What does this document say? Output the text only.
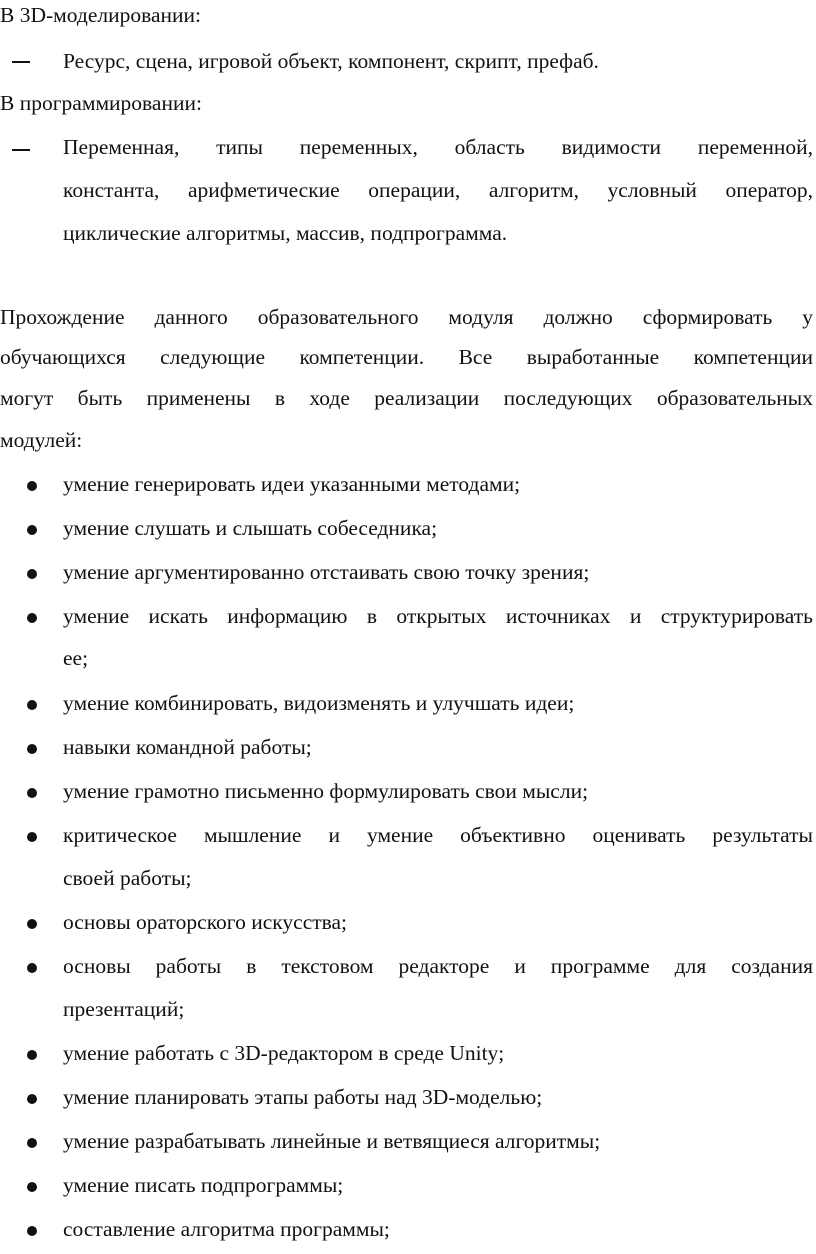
В 3D-моделировании:
Ресурс, сцена, игровой объект, компонент, скрипт, префаб.
В программировании:
Переменная, типы переменных, область видимости переменной,
константа, арифметические операции, алгоритм, условный оператор,
циклические алгоритмы, массив, подпрограмма.
Прохождение данного образовательного модуля должно сформировать у
обучающихся следующие компетенции. Все выработанные компетенции
могут быть применены в ходе реализации последующих образовательных
модулей:
умение генерировать идеи указанными методами;
умение слушать и слышать собеседника;
умение аргументированно отстаивать свою точку зрения;
умение искать информацию в открытых источниках и структурировать
ее;
умение комбинировать, видоизменять и улучшать идеи;
навыки командной работы;
умение грамотно письменно формулировать свои мысли;
критическое мышление и умение объективно оценивать результаты
своей работы;
основы ораторского искусства;
основы работы в текстовом редакторе и программе для создания
презентаций;
умение работать с 3D-редактором в среде Unity;
умение планировать этапы работы над 3D-моделью;
умение разрабатывать линейные и ветвящиеся алгоритмы;
умение писать подпрограммы;
составление алгоритма программы;
